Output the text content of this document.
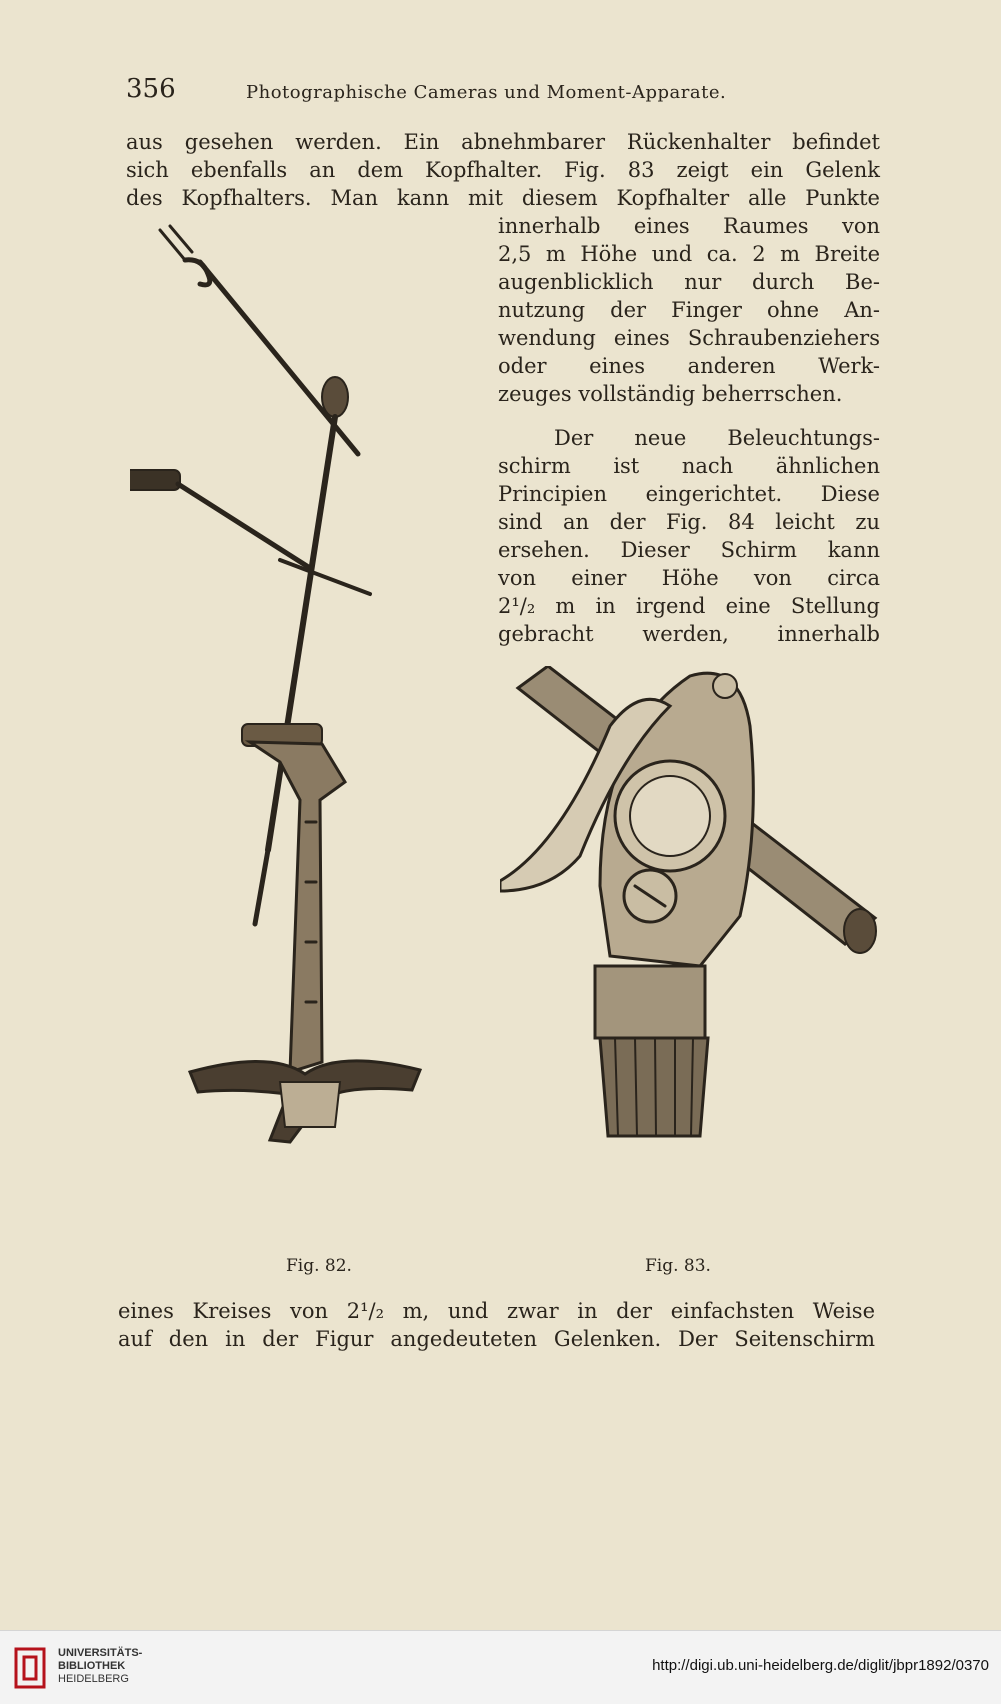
356	Photographische Cameras und Moment-Apparate.
aus gesehen werden. Ein abnehmbarer Rückenhalter befindet
sich ebenfalls an dem Kopfhalter. Fig. 83 zeigt ein Gelenk
des Kopfhalters. Man kann mit diesem Kopfhalter alle Punkte
innerhalb eines Raumes von
2,5 m Höhe und ca. 2 m Breite
augenblicklich nur durch Be-
nutzung der Finger ohne An-
wendung eines Schraubenziehers
oder eines anderen Werk-
zeuges vollständig beherrschen.
Der neue Beleuchtungs-
schirm ist nach ähnlichen
Principien eingerichtet. Diese
sind an der Fig. 84 leicht zu
ersehen. Dieser Schirm kann
von einer Höhe von circa
2¹/₂ m in irgend eine Stellung
gebracht werden, innerhalb
Fig. 82.	Fig. 83.
eines Kreises von 2¹/₂ m, und zwar in der einfachsten Weise
auf den in der Figur angedeuteten Gelenken. Der Seitenschirm
UNIVERSITÄTS-
BIBLIOTHEK
HEIDELBERG
http://digi.ub.uni-heidelberg.de/diglit/jbpr1892/0370
